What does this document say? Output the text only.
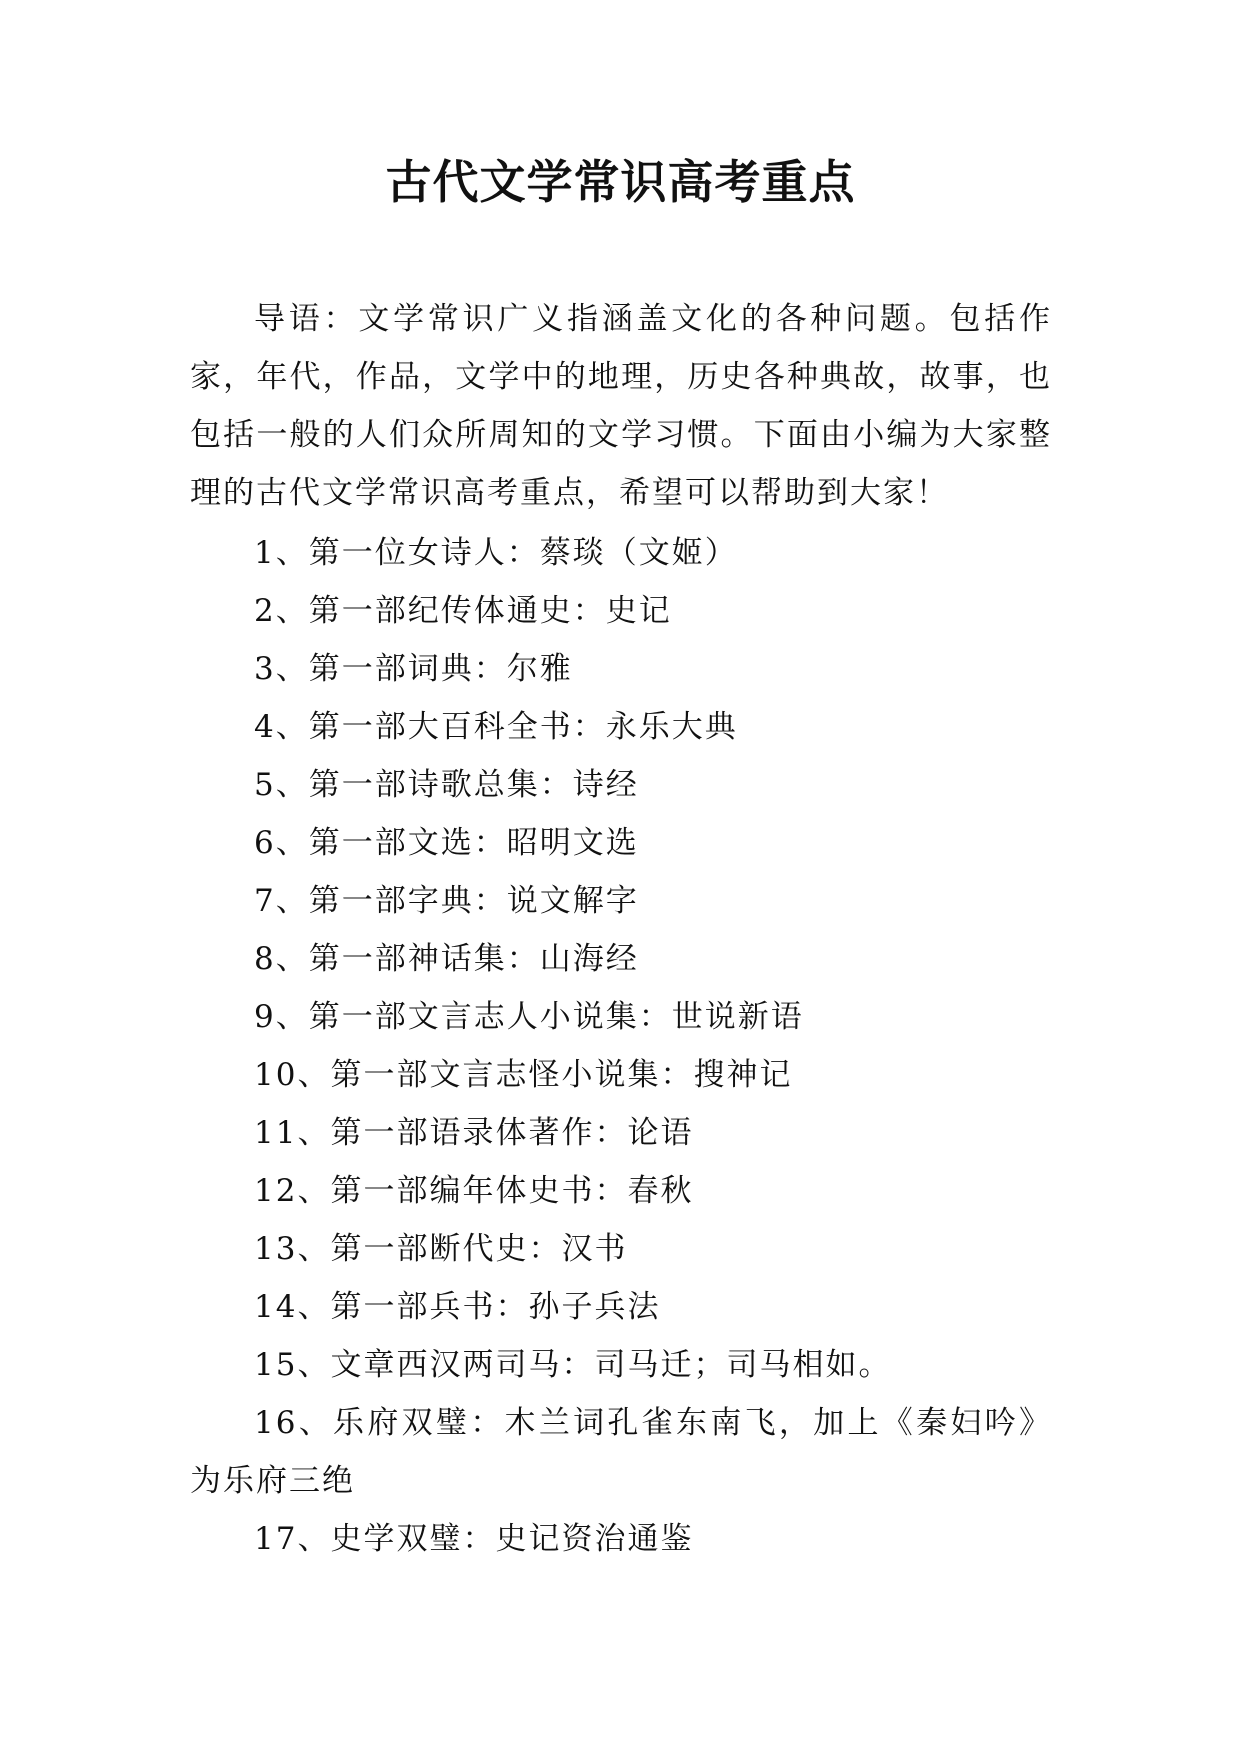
古代文学常识高考重点

导语：文学常识广义指涵盖文化的各种问题。包括作家，年代，作品，文学中的地理，历史各种典故，故事，也包括一般的人们众所周知的文学习惯。下面由小编为大家整理的古代文学常识高考重点，希望可以帮助到大家！

1、第一位女诗人：蔡琰（文姬）
2、第一部纪传体通史：史记
3、第一部词典：尔雅
4、第一部大百科全书：永乐大典
5、第一部诗歌总集：诗经
6、第一部文选：昭明文选
7、第一部字典：说文解字
8、第一部神话集：山海经
9、第一部文言志人小说集：世说新语
10、第一部文言志怪小说集：搜神记
11、第一部语录体著作：论语
12、第一部编年体史书：春秋
13、第一部断代史：汉书
14、第一部兵书：孙子兵法
15、文章西汉两司马：司马迁；司马相如。
16、乐府双璧：木兰词孔雀东南飞，加上《秦妇吟》为乐府三绝
17、史学双璧：史记资治通鉴
